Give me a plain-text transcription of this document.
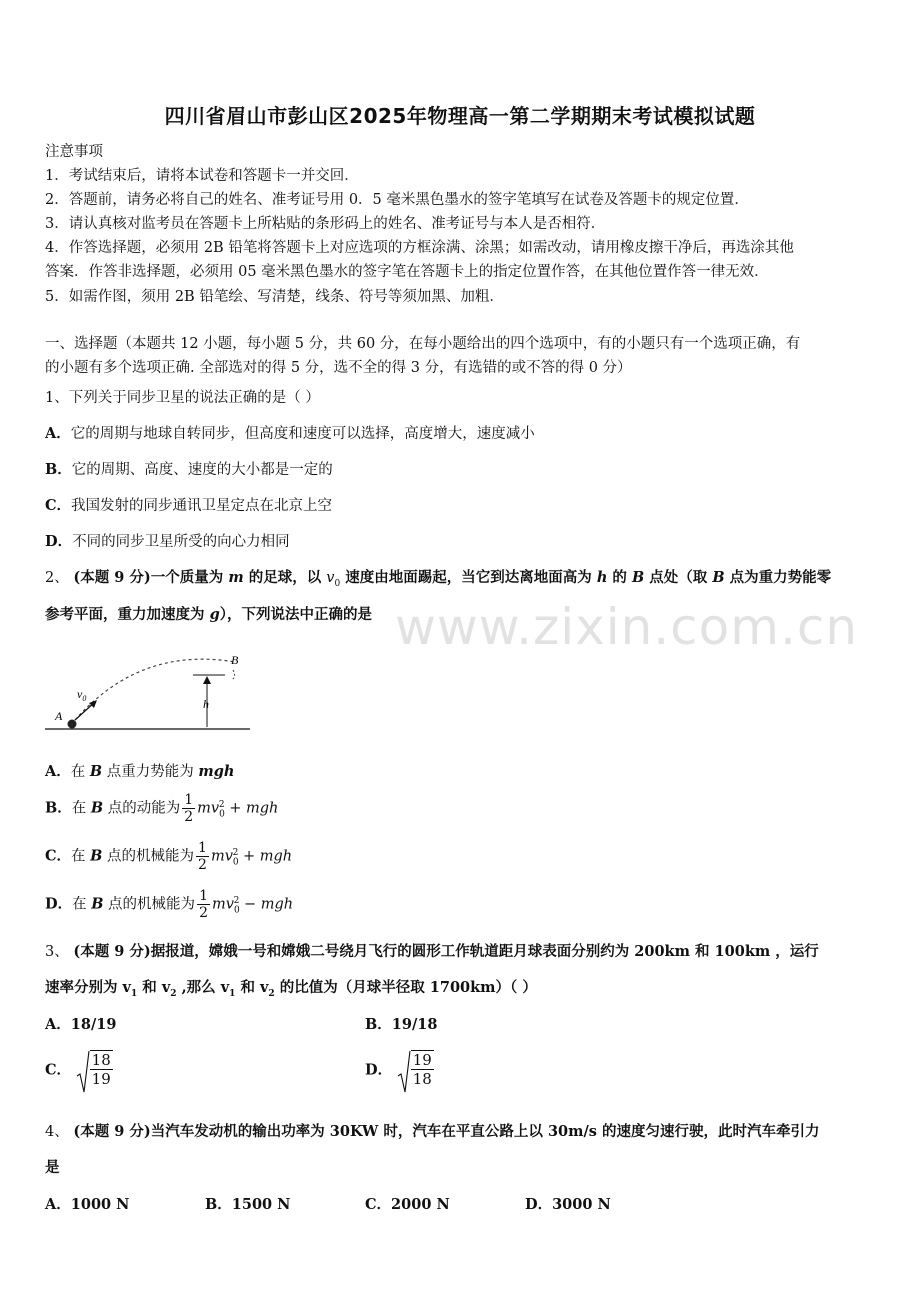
四川省眉山市彭山区2025年物理高一第二学期期末考试模拟试题
注意事项
1．考试结束后，请将本试卷和答题卡一并交回．
2．答题前，请务必将自己的姓名、准考证号用 0．5 毫米黑色墨水的签字笔填写在试卷及答题卡的规定位置．
3．请认真核对监考员在答题卡上所粘贴的条形码上的姓名、准考证号与本人是否相符．
4．作答选择题，必须用 2B 铅笔将答题卡上对应选项的方框涂满、涂黑；如需改动，请用橡皮擦干净后，再选涂其他
答案．作答非选择题，必须用 05 毫米黑色墨水的签字笔在答题卡上的指定位置作答，在其他位置作答一律无效．
5．如需作图，须用 2B 铅笔绘、写清楚，线条、符号等须加黑、加粗．
一、选择题（本题共 12 小题，每小题 5 分，共 60 分，在每小题给出的四个选项中，有的小题只有一个选项正确，有
的小题有多个选项正确. 全部选对的得 5 分，选不全的得 3 分，有选错的或不答的得 0 分）
1、下列关于同步卫星的说法正确的是（ ）
A．它的周期与地球自转同步，但高度和速度可以选择，高度增大，速度减小
B．它的周期、高度、速度的大小都是一定的
C．我国发射的同步通讯卫星定点在北京上空
D．不同的同步卫星所受的向心力相同
2、 (本题 9 分)一个质量为 m 的足球，以 $v_0$ 速度由地面踢起，当它到达离地面高为 h 的 B 点处（取 B 点为重力势能零
参考平面，重力加速度为 g），下列说法中正确的是 www.zixin.com.cn
A
B
h
$v_0$
A．在 B 点重力势能为 mgh
B．在 B 点的动能为 $\frac{1}{2} mv_0^2$ + mgh
C．在 B 点的机械能为 $\frac{1}{2} mv_0^2$ + mgh
D．在 B 点的机械能为 $\frac{1}{2} mv_0^2$ − mgh
3、 (本题 9 分)据报道，嫦娥一号和嫦娥二号绕月飞行的圆形工作轨道距月球表面分别约为 200km 和 100km ，运行
速率分别为 $v_1$ 和 $v_2$ ,那么 $v_1$ 和 $v_2$ 的比值为（月球半径取 1700km）（ ）
A．18/19	B．19/18
C． $\frac{18}{19}$	D． $\frac{19}{18}$
4、 (本题 9 分)当汽车发动机的输出功率为 30KW 时，汽车在平直公路上以 30m/s 的速度匀速行驶，此时汽车牵引力
是
A．1000 N	B．1500 N	C．2000 N	D．3000 N
